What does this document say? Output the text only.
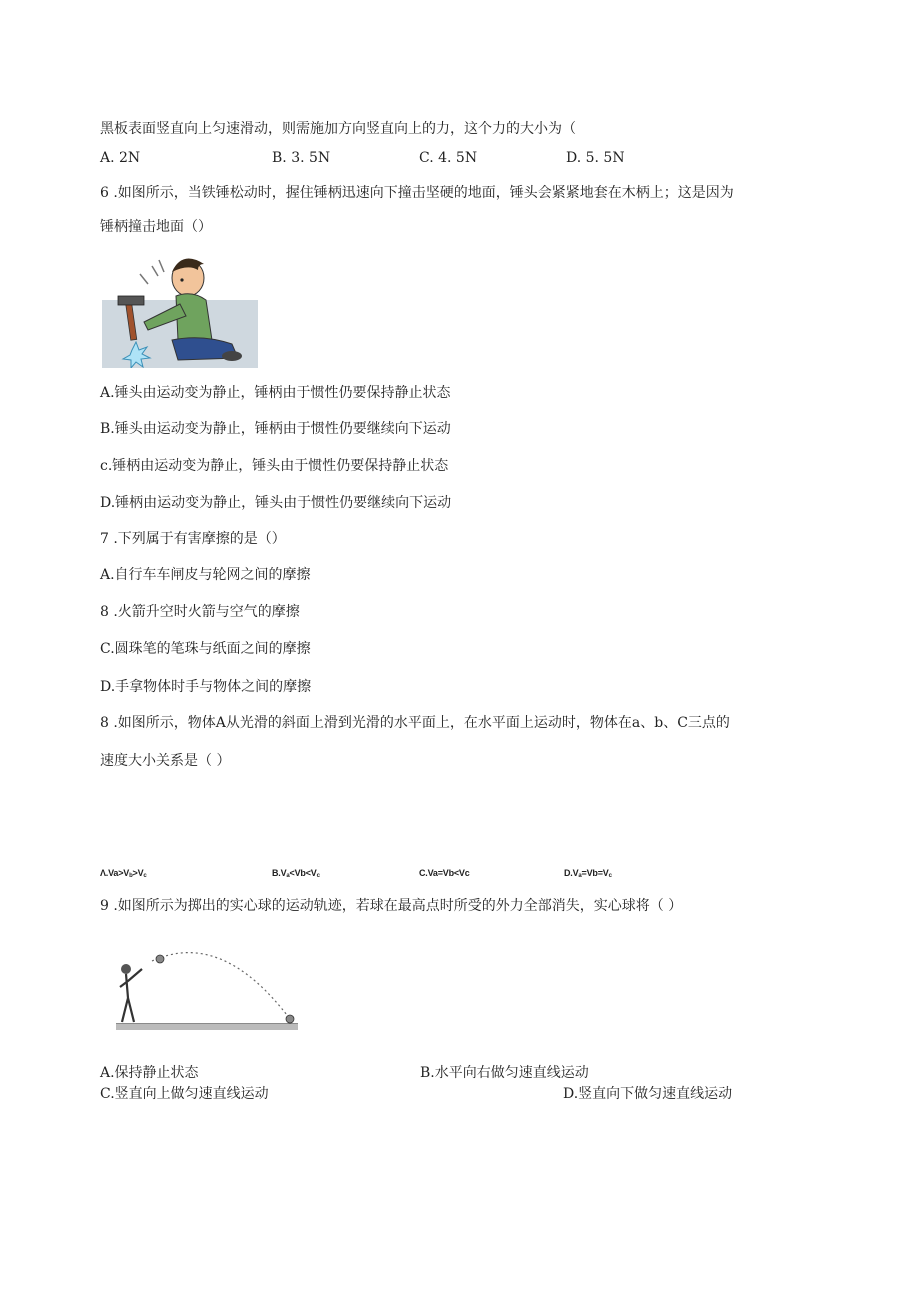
黑板表面竖直向上匀速滑动，则需施加方向竖直向上的力，这个力的大小为（
A. 2N	B. 3. 5N	C. 4. 5N	D. 5. 5N
6 .如图所示，当铁锤松动时，握住锤柄迅速向下撞击坚硬的地面，锤头会紧紧地套在木柄上；这是因为
锤柄撞击地面（）
A.锤头由运动变为静止，锤柄由于惯性仍要保持静止状态
B.锤头由运动变为静止，锤柄由于惯性仍要继续向下运动
c.锤柄由运动变为静止，锤头由于惯性仍要保持静止状态
D.锤柄由运动变为静止，锤头由于惯性仍要继续向下运动
7 .下列属于有害摩擦的是（）
A.自行车车闸皮与轮网之间的摩擦
8 .火箭升空时火箭与空气的摩擦
C.圆珠笔的笔珠与纸面之间的摩擦
D.手拿物体时手与物体之间的摩擦
8 .如图所示，物体A从光滑的斜面上滑到光滑的水平面上，在水平面上运动时，物体在a、b、C三点的
速度大小关系是（ ）
Λ.Va>Vb>Vc	B.Va<Vb<Vc	C.Va=Vb<Vc	D.Va=Vb=Vc
9 .如图所示为掷出的实心球的运动轨迹，若球在最高点时所受的外力全部消失，实心球将（ ）
A.保持静止状态	B.水平向右做匀速直线运动
C.竖直向上做匀速直线运动	D.竖直向下做匀速直线运动
